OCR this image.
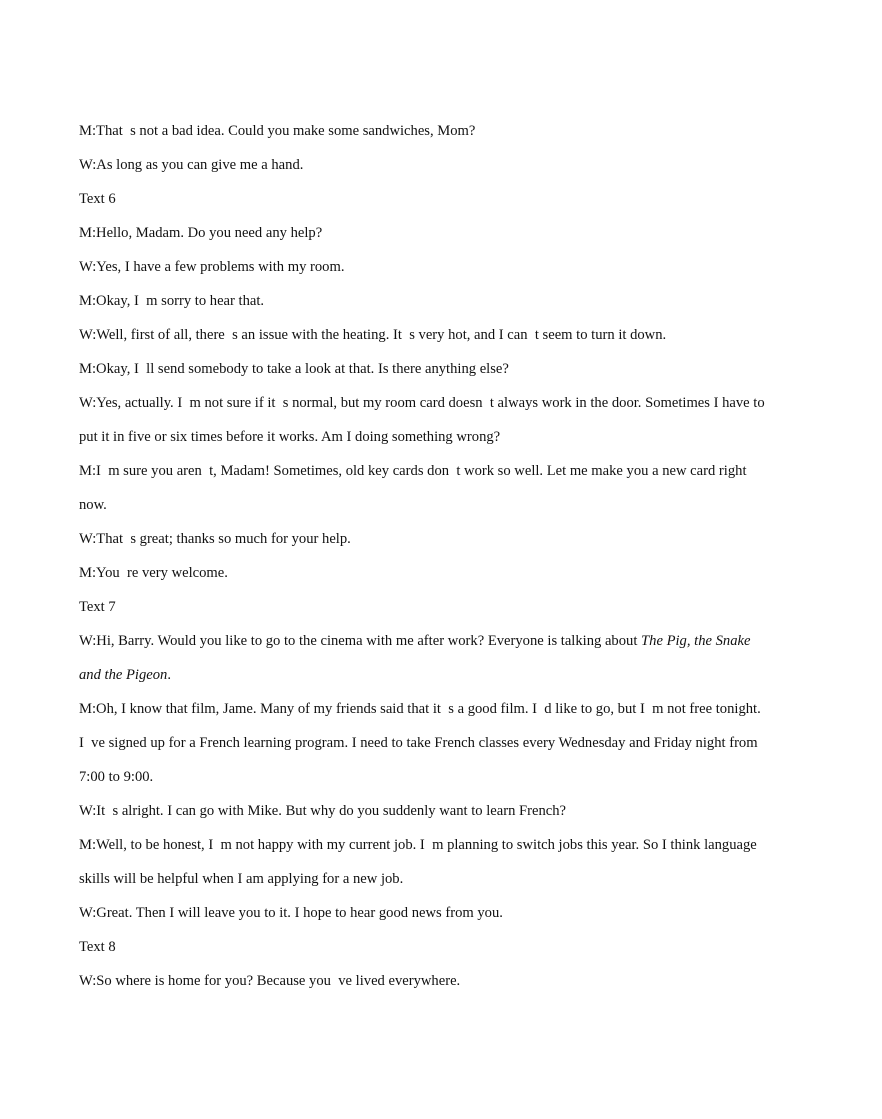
M:That  s not a bad idea. Could you make some sandwiches, Mom?
W:As long as you can give me a hand.
Text 6
M:Hello, Madam. Do you need any help?
W:Yes, I have a few problems with my room.
M:Okay, I  m sorry to hear that.
W:Well, first of all, there  s an issue with the heating. It  s very hot, and I can  t seem to turn it down.
M:Okay, I  ll send somebody to take a look at that. Is there anything else?
W:Yes, actually. I  m not sure if it  s normal, but my room card doesn  t always work in the door. Sometimes I have to
put it in five or six times before it works. Am I doing something wrong?
M:I  m sure you aren  t, Madam! Sometimes, old key cards don  t work so well. Let me make you a new card right
now.
W:That  s great; thanks so much for your help.
M:You  re very welcome.
Text 7
W:Hi, Barry. Would you like to go to the cinema with me after work? Everyone is talking about The Pig, the Snake
and the Pigeon.
M:Oh, I know that film, Jame. Many of my friends said that it  s a good film. I  d like to go, but I  m not free tonight.
I  ve signed up for a French learning program. I need to take French classes every Wednesday and Friday night from
7:00 to 9:00.
W:It  s alright. I can go with Mike. But why do you suddenly want to learn French?
M:Well, to be honest, I  m not happy with my current job. I  m planning to switch jobs this year. So I think language
skills will be helpful when I am applying for a new job.
W:Great. Then I will leave you to it. I hope to hear good news from you.
Text 8
W:So where is home for you? Because you  ve lived everywhere.
